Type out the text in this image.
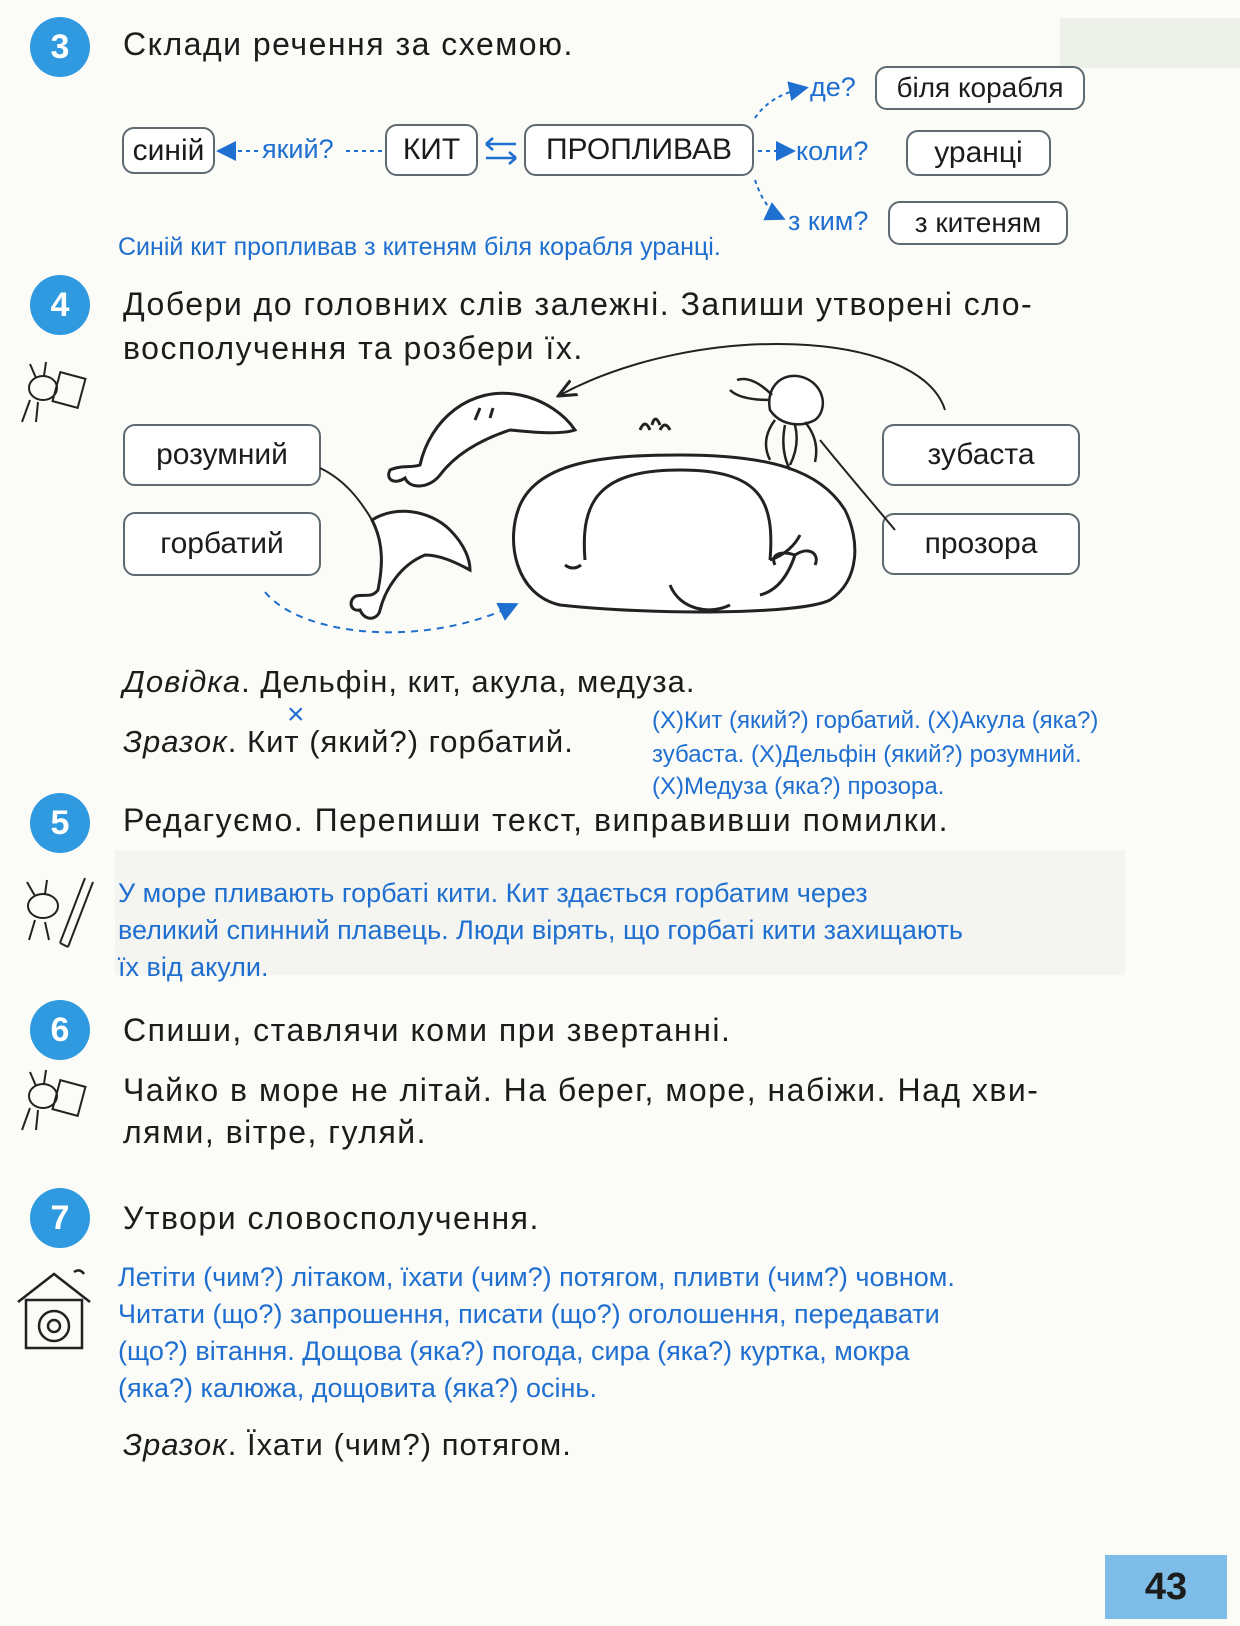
3	Склади речення за схемою.
синій	КИТ	ПРОПЛИВАВ
біля корабля
уранці
з китеням
який?
де?
коли?
з ким?
Синій кит пропливав з китеням біля корабля уранці.
4	Добери до головних слів залежні. Запиши утворені сло-
восполучення та розбери їх.
розумний
горбатий
зубаста
прозора
Довідка. Дельфін, кит, акула, медуза.
×
Зразок. Кит (який?) горбатий.
(Х)Кит (який?) горбатий. (Х)Акула (яка?)
зубаста. (Х)Дельфін (який?) розумний.
(Х)Медуза (яка?) прозора.
5	Редагуємо. Перепиши текст, виправивши помилки.
У море пливають горбаті кити. Кит здається горбатим через
великий спинний плавець. Люди вірять, що горбаті кити захищають
їх від акули.
6	Спиши, ставлячи коми при звертанні.
Чайко в море не літай. На берег, море, набіжи. Над хви-
лями, вітре, гуляй.
7	Утвори словосполучення.
Летіти (чим?) літаком, їхати (чим?) потягом, пливти (чим?) човном.
Читати (що?) запрошення, писати (що?) оголошення, передавати
(що?) вітання. Дощова (яка?) погода, сира (яка?) куртка, мокра
(яка?) калюжа, дощовита (яка?) осінь.
Зразок. Їхати (чим?) потягом.
43
